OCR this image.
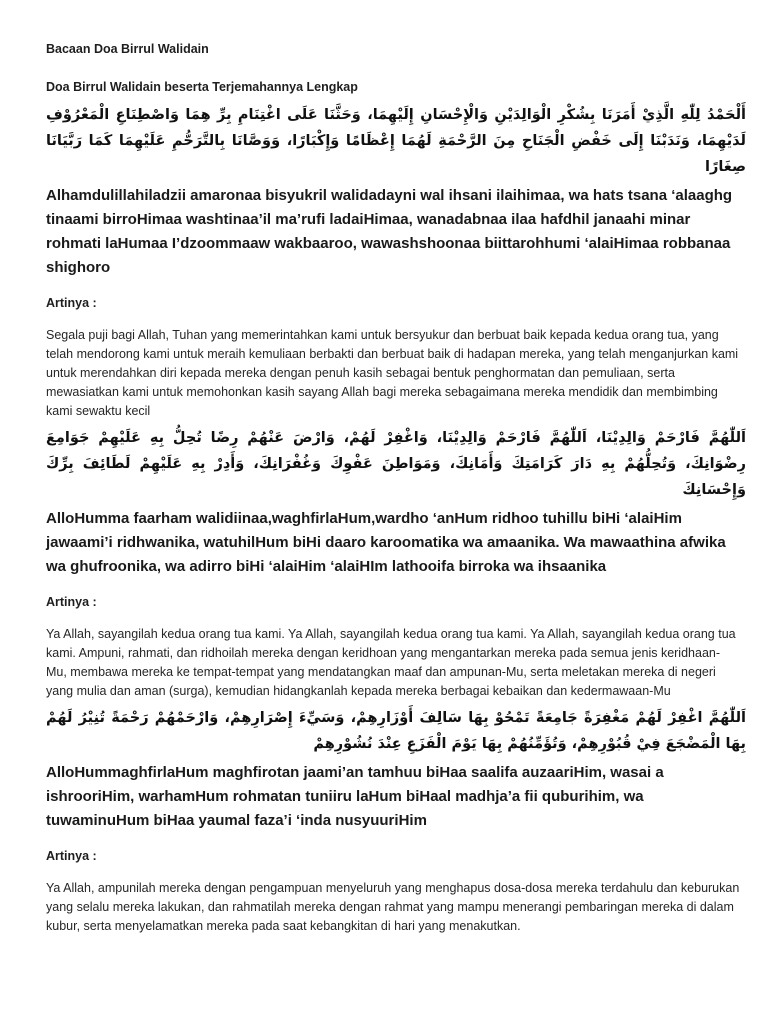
Bacaan Doa Birrul Walidain
Doa Birrul Walidain beserta Terjemahannya Lengkap
أَلْحَمْدُ لِلّٰهِ الَّذِيْ أَمَرَنَا بِشُكْرِ الْوَالِدَيْنِ وَالْإِحْسَانِ إِلَيْهِمَا، وَحَثَّنَا عَلَى اغْتِنَامِ بِرِّ هِمَا وَاصْطِنَاعِ الْمَعْرُوْفِ لَدَيْهِمَا، وَنَدَبْنَا إِلَى خَفْضِ الْجَنَاحِ مِنَ الرَّحْمَةِ لَهُمَا إِعْظَامًا وَإِكْبَارًا، وَوَصَّانَا بِالتَّرَحُّمِ عَلَيْهِمَا كَمَا رَبَّيَانَا صِغَارًا
Alhamdulillahiladzii amaronaa bisyukril walidadayni wal ihsani ilaihimaa, wa hats tsana ‘alaaghg tinaami birroHimaa washtinaa’il ma’rufi ladaiHimaa, wanadabnaa ilaa hafdhil janaahi minar rohmati laHumaa I’dzoommaaw wakbaaroo, wawashshoonaa biittarohhumi ‘alaiHimaa robbanaa shighoro
Artinya :
Segala puji bagi Allah, Tuhan yang memerintahkan kami untuk bersyukur dan berbuat baik kepada kedua orang tua, yang telah mendorong kami untuk meraih kemuliaan berbakti dan berbuat baik di hadapan mereka, yang telah menganjurkan kami untuk merendahkan diri kepada mereka dengan penuh kasih sebagai bentuk penghormatan dan pemuliaan, serta mewasiatkan kami untuk memohonkan kasih sayang Allah bagi mereka sebagaimana mereka mendidik dan membimbing kami sewaktu kecil
اَللّٰهُمَّ فَارْحَمْ وَالِدِيْنَا، اَللّٰهُمَّ فَارْحَمْ وَالِدِيْنَا، وَاغْفِرْ لَهُمْ، وَارْضَ عَنْهُمْ رِضًا تُحِلُّ بِهِ عَلَيْهِمْ جَوَامِعَ رِضْوَانِكَ، وَتُحِلُّهُمْ بِهِ دَارَ كَرَامَتِكَ وَأَمَانِكَ، وَمَوَاطِنَ عَفْوِكَ وَغُفْرَانِكَ، وَأَدِرْ بِهِ عَلَيْهِمْ لَطَائِفَ بِرِّكَ وَإِحْسَانِكَ
AlloHumma faarham walidiinaa,waghfirlaHum,wardho ‘anHum ridhoo tuhillu biHi ‘alaiHim jawaami’i ridhwanika, watuhilHum biHi daaro karoomatika wa amaanika. Wa mawaathina afwika wa ghufroonika, wa adirro biHi ‘alaiHim ‘alaiHIm lathooifa birroka wa ihsaanika
Artinya :
Ya Allah, sayangilah kedua orang tua kami. Ya Allah, sayangilah kedua orang tua kami. Ya Allah, sayangilah kedua orang tua kami. Ampuni, rahmati, dan ridhoilah mereka dengan keridhoan yang mengantarkan mereka pada semua jenis keridhaan-Mu, membawa mereka ke tempat-tempat yang mendatangkan maaf dan ampunan-Mu, serta meletakan mereka di negeri yang mulia dan aman (surga), kemudian hidangkanlah kepada mereka berbagai kebaikan dan kedermawaan-Mu
اَللّٰهُمَّ اغْفِرْ لَهُمْ مَغْفِرَةً جَامِعَةً تَمْحُوْ بِهَا سَالِفَ أَوْزَارِهِمْ، وَسَيِّءَ إِصْرَارِهِمْ، وَارْحَمْهُمْ رَحْمَةً تُنِيْرُ لَهُمْ بِهَا الْمَضْجَعَ فِيْ قُبُوْرِهِمْ، وَتُؤَمِّنُهُمْ بِهَا يَوْمَ الْفَزَعِ عِنْدَ نُشُوْرِهِمْ
AlloHummaghfirlaHum maghfirotan jaami’an tamhuu biHaa saalifa auzaariHim, wasai a ishrooriHim, warhamHum rohmatan tuniiru laHum biHaal madhja’a fii quburihim, wa tuwaminuHum biHaa yaumal faza’i ‘inda nusyuuriHim
Artinya :
Ya Allah, ampunilah mereka dengan pengampuan menyeluruh yang menghapus dosa-dosa mereka terdahulu dan keburukan yang selalu mereka lakukan, dan rahmatilah mereka dengan rahmat yang mampu menerangi pembaringan mereka di dalam kubur, serta menyelamatkan mereka pada saat kebangkitan di hari yang menakutkan.
